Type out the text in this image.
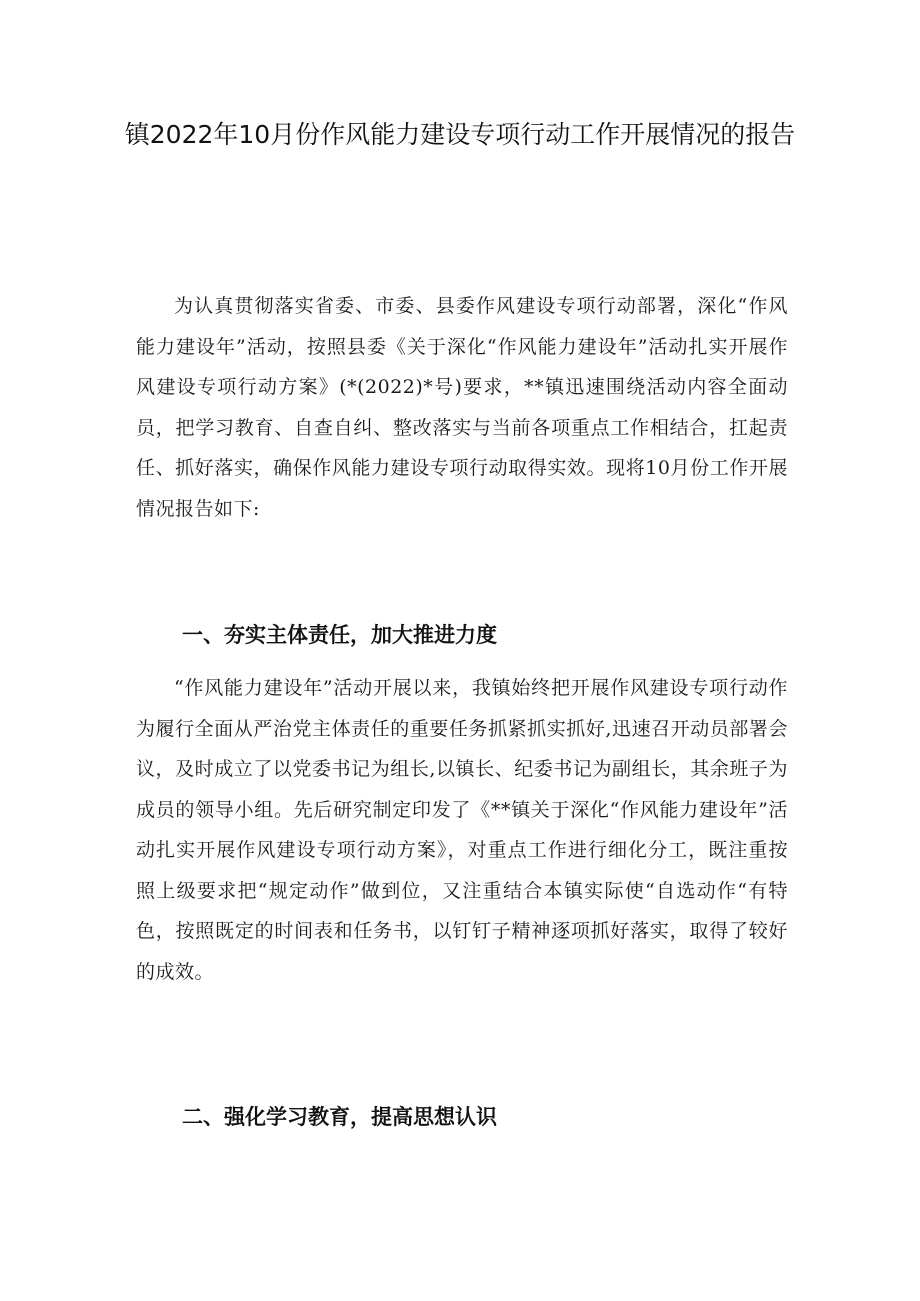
镇2022年10月份作风能力建设专项行动工作开展情况的报告

为认真贯彻落实省委、市委、县委作风建设专项行动部署，深化“作风能力建设年”活动，按照县委《关于深化“作风能力建设年”活动扎实开展作风建设专项行动方案》(*(2022)*号)要求，**镇迅速围绕活动内容全面动员，把学习教育、自查自纠、整改落实与当前各项重点工作相结合，扛起责任、抓好落实，确保作风能力建设专项行动取得实效。现将10月份工作开展情况报告如下:

一、夯实主体责任，加大推进力度

“作风能力建设年”活动开展以来，我镇始终把开展作风建设专项行动作为履行全面从严治党主体责任的重要任务抓紧抓实抓好,迅速召开动员部署会议，及时成立了以党委书记为组长,以镇长、纪委书记为副组长，其余班子为成员的领导小组。先后研究制定印发了《**镇关于深化“作风能力建设年”活动扎实开展作风建设专项行动方案》，对重点工作进行细化分工，既注重按照上级要求把“规定动作”做到位，又注重结合本镇实际使“自选动作“有特色，按照既定的时间表和任务书，以钉钉子精神逐项抓好落实，取得了较好的成效。

二、强化学习教育，提高思想认识
